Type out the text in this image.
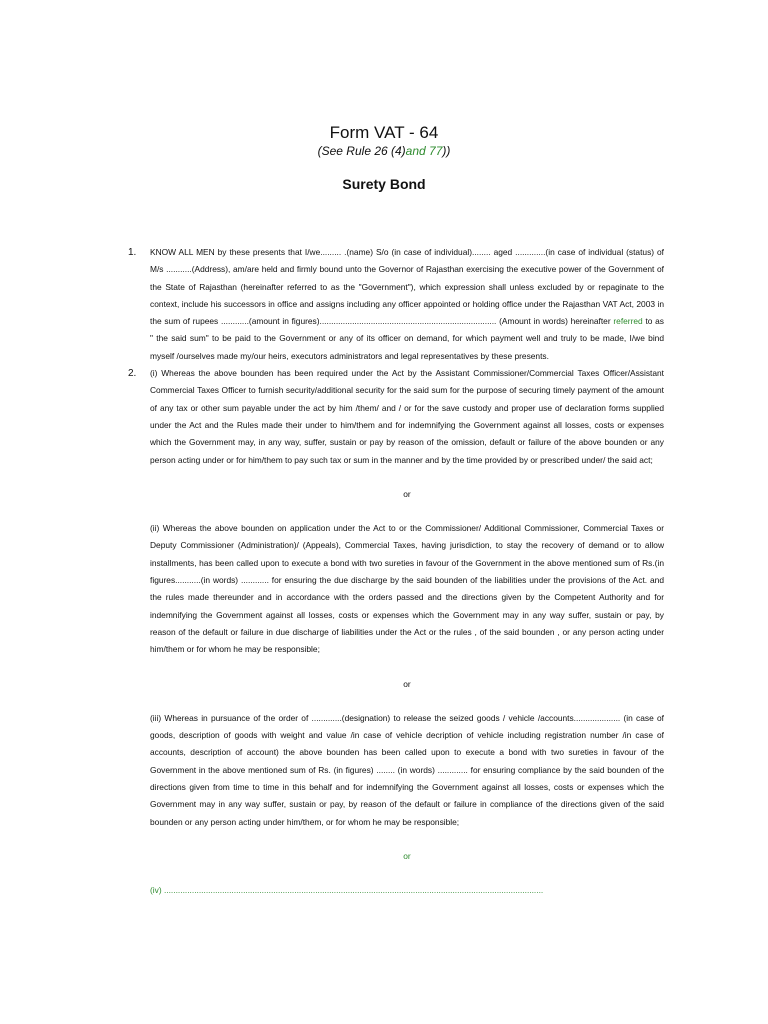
Form VAT - 64
(See Rule 26 (4)and 77))
Surety Bond
1. KNOW ALL MEN by these presents that I/we......... .(name) S/o (in case of individual)........ aged .............(in case of individual (status) of M/s ...........(Address), am/are held and firmly bound unto the Governor of Rajasthan exercising the executive power of the Government of the State of Rajasthan (hereinafter referred to as the "Government"), which expression shall unless excluded by or repaginate to the context, include his successors in office and assigns including any officer appointed or holding office under the Rajasthan VAT Act, 2003 in the sum of rupees ............(amount in figures)............................................................................ (Amount in words) hereinafter referred to as " the said sum" to be paid to the Government or any of its officer on demand, for which payment well and truly to be made, I/we bind myself /ourselves made my/our heirs, executors administrators and legal representatives by these presents.
2. (i) Whereas the above bounden has been required under the Act by the Assistant Commissioner/Commercial Taxes Officer/Assistant Commercial Taxes Officer to furnish security/additional security for the said sum for the purpose of securing timely payment of the amount of any tax or other sum payable under the act by him /them/ and / or for the save custody and proper use of declaration forms supplied under the Act and the Rules made their under to him/them and for indemnifying the Government against all losses, costs or expenses which the Government may, in any way, suffer, sustain or pay by reason of the omission, default or failure of the above bounden or any person acting under or for him/them to pay such tax or sum in the manner and by the time provided by or prescribed under/ the said act;
or
(ii) Whereas the above bounden on application under the Act to or the Commissioner/ Additional Commissioner, Commercial Taxes or Deputy Commissioner (Administration)/ (Appeals), Commercial Taxes, having jurisdiction, to stay the recovery of demand or to allow installments, has been called upon to execute a bond with two sureties in favour of the Government in the above mentioned sum of Rs.(in figures...........(in words) ............ for ensuring the due discharge by the said bounden of the liabilities under the provisions of the Act. and the rules made thereunder and in accordance with the orders passed and the directions given by the Competent Authority and for indemnifying the Government against all losses, costs or expenses which the Government may in any way suffer, sustain or pay, by reason of the default or failure in due discharge of liabilities under the Act or the rules , of the said bounden , or any person acting under him/them or for whom he may be responsible;
or
(iii) Whereas in pursuance of the order of .............(designation) to release the seized goods / vehicle /accounts.................... (in case of goods, description of goods with weight and value /in case of vehicle decription of vehicle including registration number /in case of accounts, description of account) the above bounden has been called upon to execute a bond with two sureties in favour of the Government in the above mentioned sum of Rs. (in figures) ........ (in words) ............. for ensuring compliance by the said bounden of the directions given from time to time in this behalf and for indemnifying the Government against all losses, costs or expenses which the Government may in any way suffer, sustain or pay, by reason of the default or failure in compliance of the directions given of the said bounden or any person acting under him/them, or for whom he may be responsible;
or
(iv) ...................................................................................................................................................................
